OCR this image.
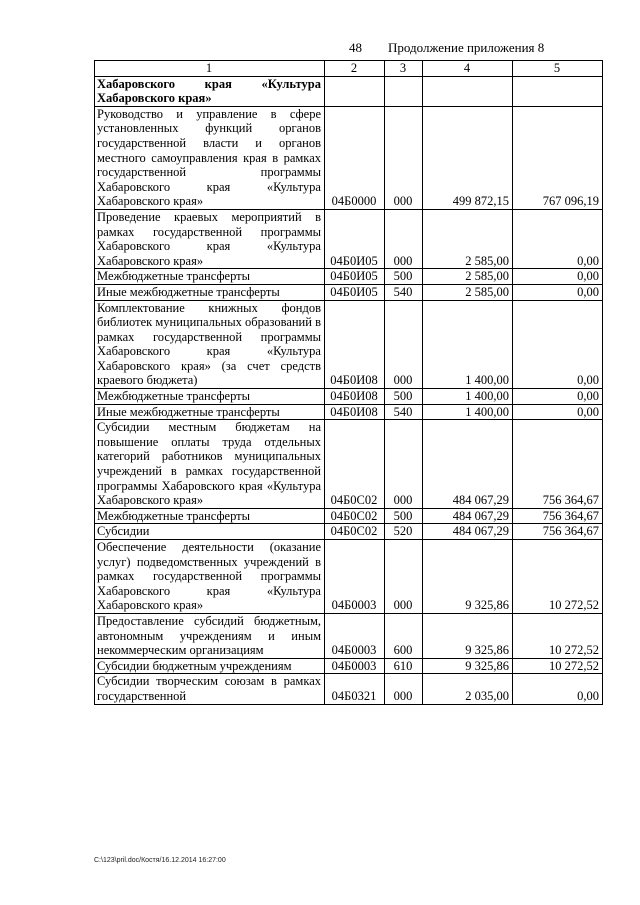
48 Продолжение приложения 8
1	2	3	4	5
Хабаровского края «Культура Хабаровского края»				
Руководство и управление в сфере установленных функций органов государственной власти и органов местного самоуправления края в рамках государственной программы Хабаровского края «Культура Хабаровского края»	04Б0000	000	499 872,15	767 096,19
Проведение краевых мероприятий в рамках государственной программы Хабаровского края «Культура Хабаровского края»	04Б0И05	000	2 585,00	0,00
Межбюджетные трансферты	04Б0И05	500	2 585,00	0,00
Иные межбюджетные трансферты	04Б0И05	540	2 585,00	0,00
Комплектование книжных фондов библиотек муниципальных образований в рамках государственной программы Хабаровского края «Культура Хабаровского края» (за счет средств краевого бюджета)	04Б0И08	000	1 400,00	0,00
Межбюджетные трансферты	04Б0И08	500	1 400,00	0,00
Иные межбюджетные трансферты	04Б0И08	540	1 400,00	0,00
Субсидии местным бюджетам на повышение оплаты труда отдельных категорий работников муниципальных учреждений в рамках государственной программы Хабаровского края «Культура Хабаровского края»	04Б0С02	000	484 067,29	756 364,67
Межбюджетные трансферты	04Б0С02	500	484 067,29	756 364,67
Субсидии	04Б0С02	520	484 067,29	756 364,67
Обеспечение деятельности (оказание услуг) подведомственных учреждений в рамках государственной программы Хабаровского края «Культура Хабаровского края»	04Б0003	000	9 325,86	10 272,52
Предоставление субсидий бюджетным, автономным учреждениям и иным некоммерческим организациям	04Б0003	600	9 325,86	10 272,52
Субсидии бюджетным учреждениям	04Б0003	610	9 325,86	10 272,52
Субсидии творческим союзам в рамках государственной	04Б0321	000	2 035,00	0,00
C:\123\pril.doc/Костя/16.12.2014 16:27:00
